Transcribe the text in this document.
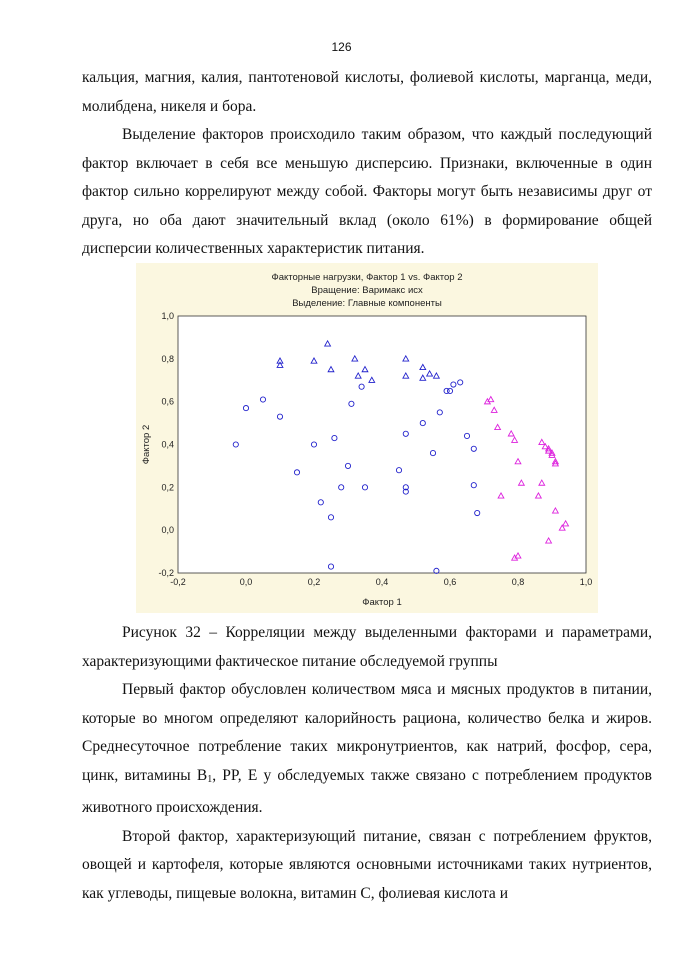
126

кальция, магния, калия, пантотеновой кислоты, фолиевой кислоты, марганца, меди, молибдена, никеля и бора.

Выделение факторов происходило таким образом, что каждый последующий фактор включает в себя все меньшую дисперсию. Признаки, включенные в один фактор сильно коррелируют между собой. Факторы могут быть независимы друг от друга, но оба дают значительный вклад (около 61%) в формирование общей дисперсии количественных характеристик питания.

Факторные нагрузки, Фактор 1 vs. Фактор 2
Вращение: Варимакс исх
Выделение: Главные компоненты
-0,2	0,0	0,2	0,4	0,6	0,8	1,0
-0,2
0,0
0,2
0,4
0,6
0,8
1,0
Фактор 1
Фактор 2

Рисунок 32 – Корреляции между выделенными факторами и параметрами, характеризующими фактическое питание обследуемой группы

Первый фактор обусловлен количеством мяса и мясных продуктов в питании, которые во многом определяют калорийность рациона, количество белка и жиров. Среднесуточное потребление таких микронутриентов, как натрий, фосфор, сера, цинк, витамины $B_1$, PP, E у обследуемых также связано с потреблением продуктов животного происхождения.

Второй фактор, характеризующий питание, связан с потреблением фруктов, овощей и картофеля, которые являются основными источниками таких нутриентов, как углеводы, пищевые волокна, витамин С, фолиевая кислота и
